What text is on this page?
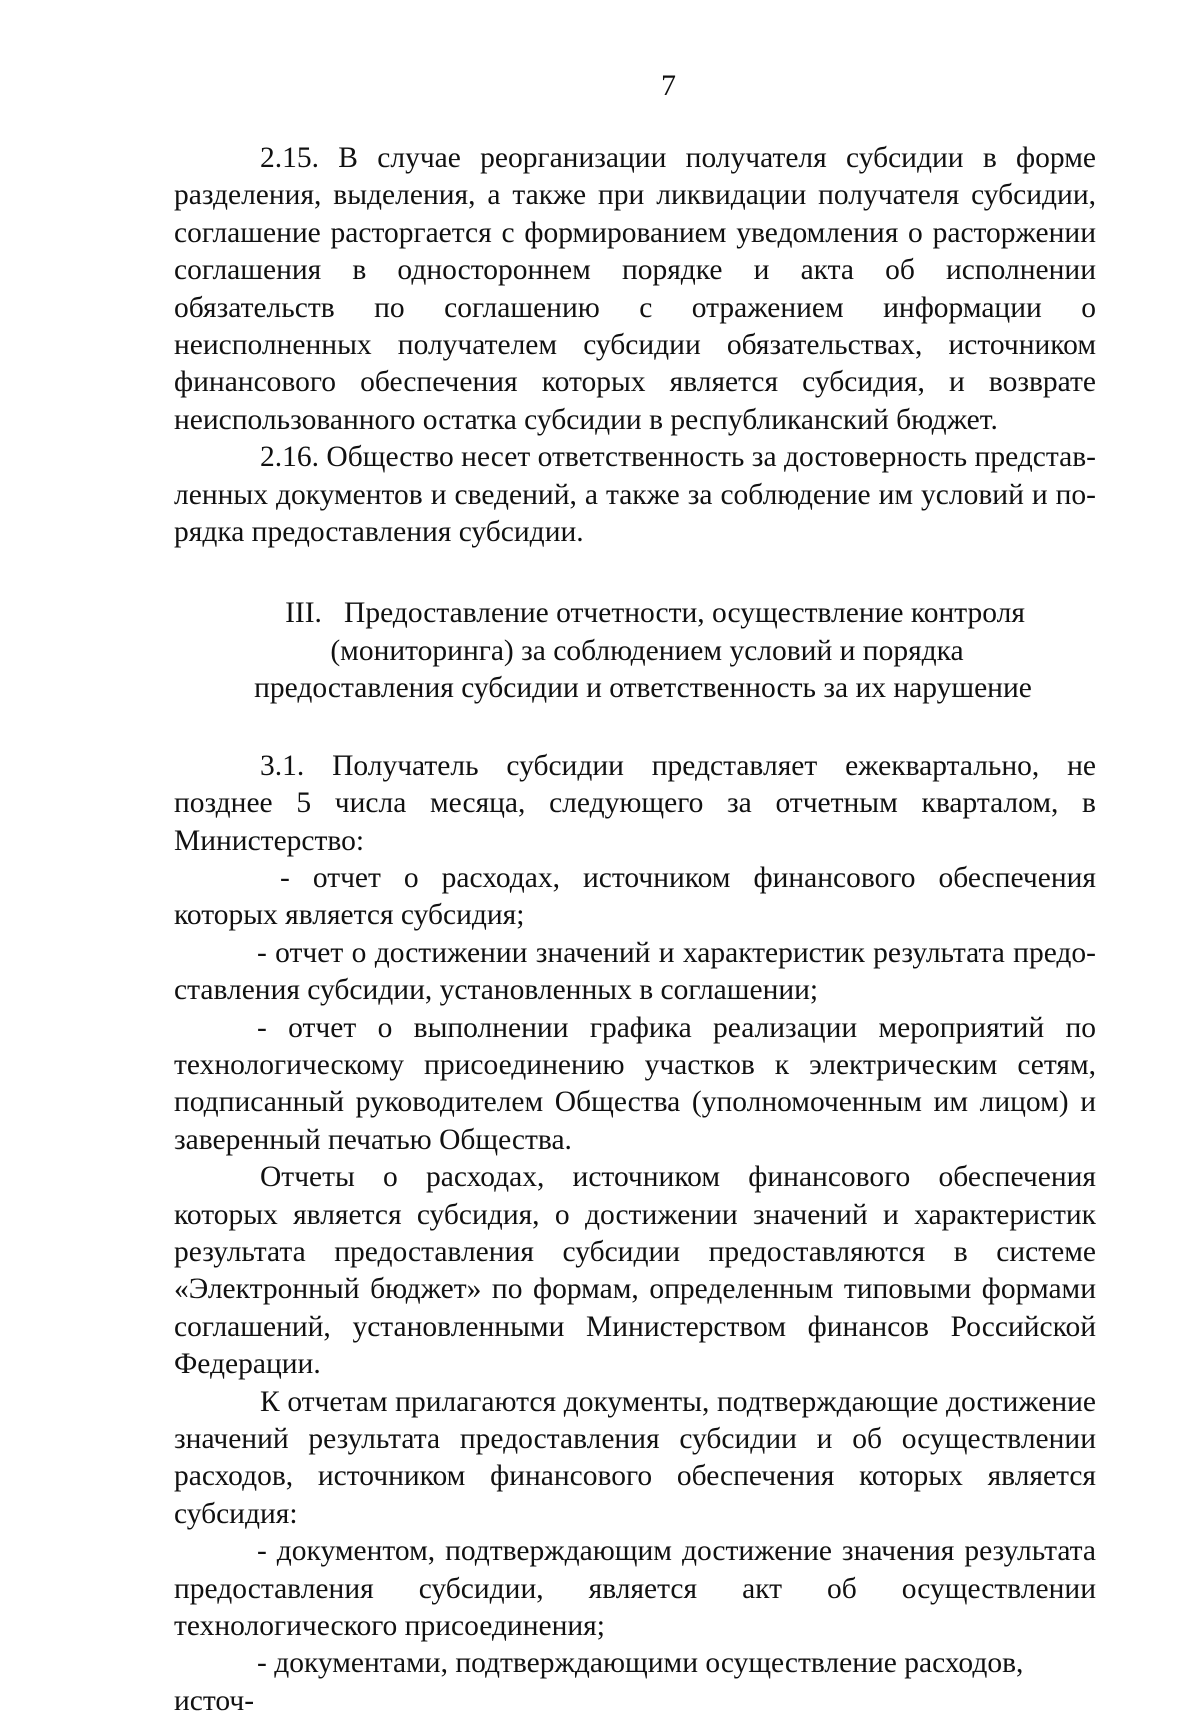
7

2.15. В случае реорганизации получателя субсидии в форме разделения, выделения, а также при ликвидации получателя субсидии, соглашение расторгается с формированием уведомления о расторжении соглашения в одностороннем порядке и акта об исполнении обязательств по соглашению с отражением информации о неисполненных получателем субсидии обязательствах, источником финансового обеспечения которых является субсидия, и возврате неиспользованного остатка субсидии в республиканский бюджет.

2.16. Общество несет ответственность за достоверность представленных документов и сведений, а также за соблюдение им условий и порядка предоставления субсидии.

III.   Предоставление отчетности, осуществление контроля
(мониторинга) за соблюдением условий и порядка
предоставления субсидии и ответственность за их нарушение

3.1. Получатель субсидии представляет ежеквартально, не позднее 5 числа месяца, следующего за отчетным кварталом, в Министерство:

- отчет о расходах, источником финансового обеспечения которых является субсидия;

- отчет о достижении значений и характеристик результата предоставления субсидии, установленных в соглашении;

- отчет о выполнении графика реализации мероприятий по технологическому присоединению участков к электрическим сетям, подписанный руководителем Общества (уполномоченным им лицом) и заверенный печатью Общества.

Отчеты о расходах, источником финансового обеспечения которых является субсидия, о достижении значений и характеристик результата предоставления субсидии предоставляются в системе «Электронный бюджет» по формам, определенным типовыми формами соглашений, установленными Министерством финансов Российской Федерации.

К отчетам прилагаются документы, подтверждающие достижение значений результата предоставления субсидии и об осуществлении расходов, источником финансового обеспечения которых является субсидия:

- документом, подтверждающим достижение значения результата предоставления субсидии, является акт об осуществлении технологического присоединения;

- документами, подтверждающими осуществление расходов, источ-
